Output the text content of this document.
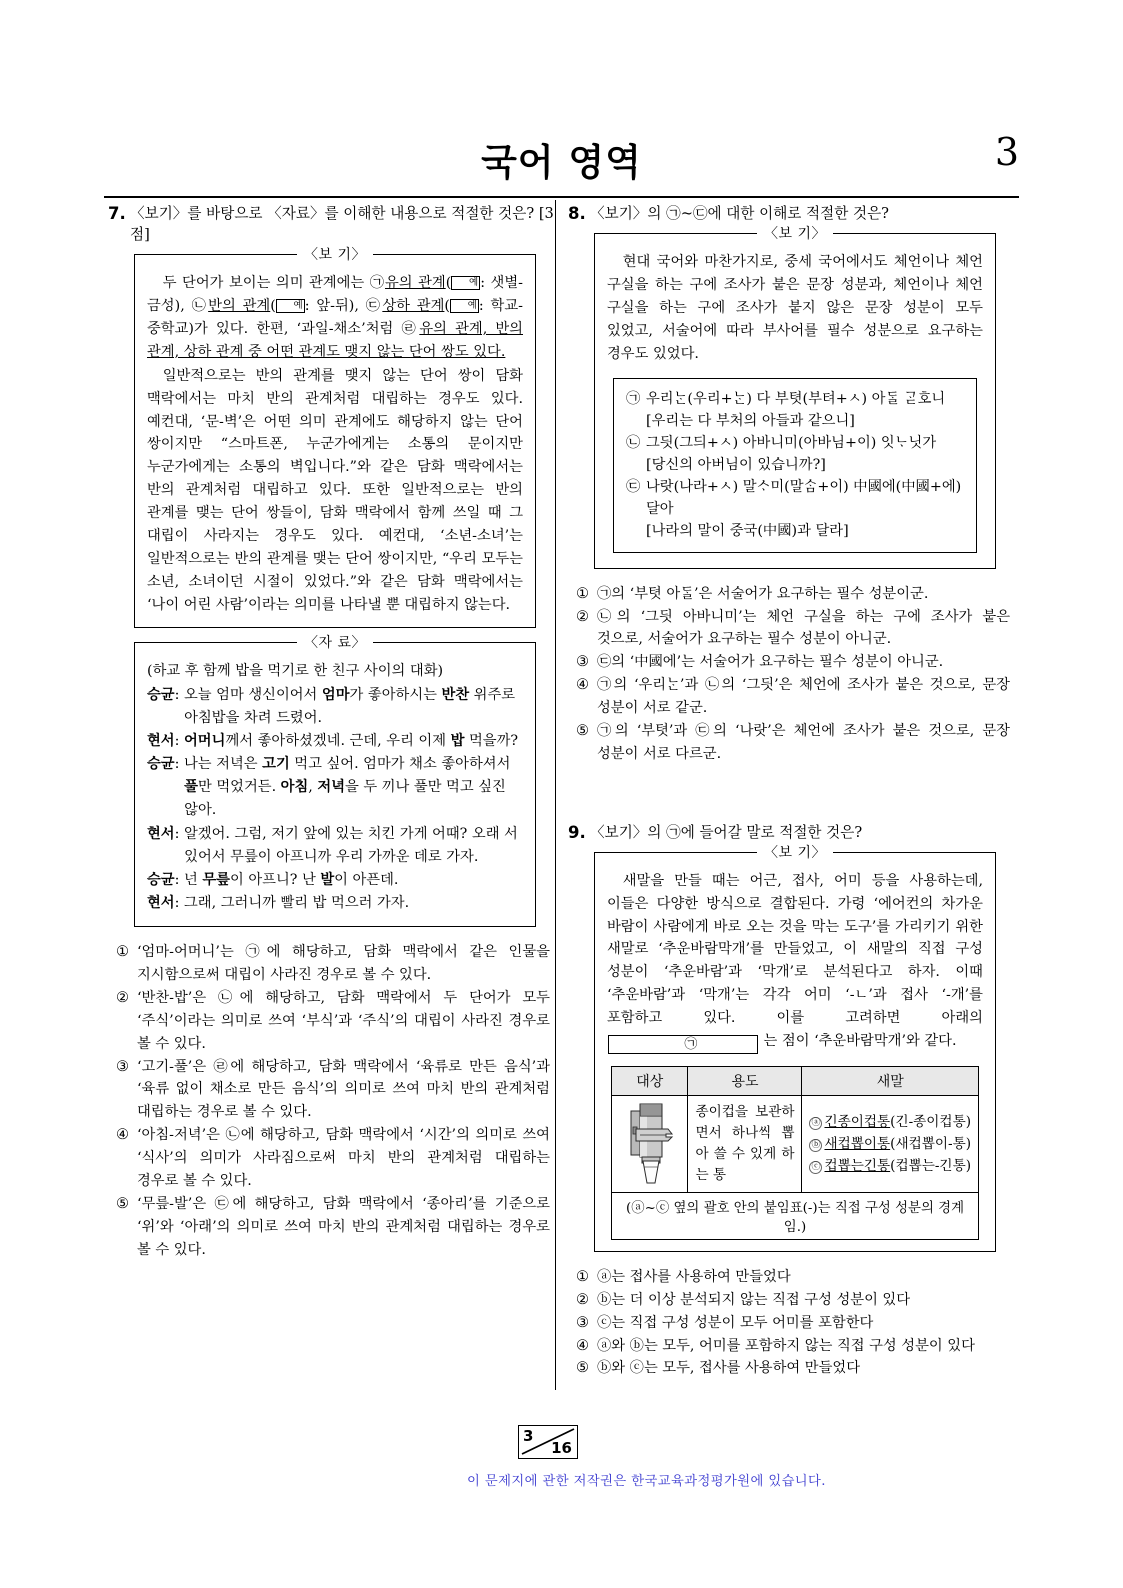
국어 영역	3
7. 〈보기〉를 바탕으로 〈자료〉를 이해한 내용으로 적절한 것은? [3점]

두 단어가 보이는 의미 관계에는 ㉠유의 관계( 예 : 샛별-금성), ㉡반의 관계( 예 : 앞-뒤), ㉢상하 관계( 예 : 학교-중학교)가 있다. 한편, ‘과일-채소’처럼 ㉣유의 관계, 반의 관계, 상하 관계 중 어떤 관계도 맺지 않는 단어 쌍도 있다.

일반적으로는 반의 관계를 맺지 않는 단어 쌍이 담화 맥락에서는 마치 반의 관계처럼 대립하는 경우도 있다. 예컨대, ‘문-벽’은 어떤 의미 관계에도 해당하지 않는 단어 쌍이지만 “스마트폰, 누군가에게는 소통의 문이지만 누군가에게는 소통의 벽입니다.”와 같은 담화 맥락에서는 반의 관계처럼 대립하고 있다. 또한 일반적으로는 반의 관계를 맺는 단어 쌍들이, 담화 맥락에서 함께 쓰일 때 그 대립이 사라지는 경우도 있다. 예컨대, ‘소년-소녀’는 일반적으로는 반의 관계를 맺는 단어 쌍이지만, “우리 모두는 소년, 소녀이던 시절이 있었다.”와 같은 담화 맥락에서는 ‘나이 어린 사람’이라는 의미를 나타낼 뿐 대립하지 않는다.

〈보 기〉

(하교 후 함께 밥을 먹기로 한 친구 사이의 대화)

승균: 오늘 엄마 생신이어서 엄마가 좋아하시는 반찬 위주로 아침밥을 차려 드렸어.

현서: 어머니께서 좋아하셨겠네. 근데, 우리 이제 밥 먹을까?

승균: 나는 저녁은 고기 먹고 싶어. 엄마가 채소 좋아하셔서 풀만 먹었거든. 아침, 저녁을 두 끼나 풀만 먹고 싶진 않아.

현서: 알겠어. 그럼, 저기 앞에 있는 치킨 가게 어때? 오래 서 있어서 무릎이 아프니까 우리 가까운 데로 가자.

승균: 넌 무릎이 아프니? 난 발이 아픈데.

현서: 그래, 그러니까 빨리 밥 먹으러 가자.

〈자 료〉
① ‘엄마-어머니’는 ㉠에 해당하고, 담화 맥락에서 같은 인물을 지시함으로써 대립이 사라진 경우로 볼 수 있다.
② ‘반찬-밥’은 ㉡에 해당하고, 담화 맥락에서 두 단어가 모두 ‘주식’이라는 의미로 쓰여 ‘부식’과 ‘주식’의 대립이 사라진 경우로 볼 수 있다.
③ ‘고기-풀’은 ㉣에 해당하고, 담화 맥락에서 ‘육류로 만든 음식’과 ‘육류 없이 채소로 만든 음식’의 의미로 쓰여 마치 반의 관계처럼 대립하는 경우로 볼 수 있다.
④ ‘아침-저녁’은 ㉡에 해당하고, 담화 맥락에서 ‘시간’의 의미로 쓰여 ‘식사’의 의미가 사라짐으로써 마치 반의 관계처럼 대립하는 경우로 볼 수 있다.
⑤ ‘무릎-발’은 ㉢에 해당하고, 담화 맥락에서 ‘종아리’를 기준으로 ‘위’와 ‘아래’의 의미로 쓰여 마치 반의 관계처럼 대립하는 경우로 볼 수 있다.
8. 〈보기〉의 ㉠~㉢에 대한 이해로 적절한 것은?

현대 국어와 마찬가지로, 중세 국어에서도 체언이나 체언 구실을 하는 구에 조사가 붙은 문장 성분과, 체언이나 체언 구실을 하는 구에 조사가 붙지 않은 문장 성분이 모두 있었고, 서술어에 따라 부사어를 필수 성분으로 요구하는 경우도 있었다.

㉠ 우리ᄂᆞᆫ(우리+ᄂᆞᆫ) 다 부텻(부텨+ㅅ) 아ᄃᆞᆯ ᄀᆞᆮ호니
[우리는 다 부처의 아들과 같으니]
㉡ 그딋(그듸+ㅅ) 아바니미(아바님+이) 잇ᄂᆞ닛가
[당신의 아버님이 있습니까?]
㉢ 나랏(나라+ㅅ) 말ᄉᆞ미(말ᄉᆞᆷ+이) 中國에(中國+에) 달아
[나라의 말이 중국(中國)과 달라]
〈보 기〉
① ㉠의 ‘부텻 아ᄃᆞᆯ’은 서술어가 요구하는 필수 성분이군.
② ㉡의 ‘그딋 아바니미’는 체언 구실을 하는 구에 조사가 붙은 것으로, 서술어가 요구하는 필수 성분이 아니군.
③ ㉢의 ‘中國에’는 서술어가 요구하는 필수 성분이 아니군.
④ ㉠의 ‘우리ᄂᆞᆫ’과 ㉡의 ‘그딋’은 체언에 조사가 붙은 것으로, 문장 성분이 서로 같군.
⑤ ㉠의 ‘부텻’과 ㉢의 ‘나랏’은 체언에 조사가 붙은 것으로, 문장 성분이 서로 다르군.
9. 〈보기〉의 ㉠에 들어갈 말로 적절한 것은?

새말을 만들 때는 어근, 접사, 어미 등을 사용하는데, 이들은 다양한 방식으로 결합된다. 가령 ‘에어컨의 차가운 바람이 사람에게 바로 오는 것을 막는 도구’를 가리키기 위한 새말로 ‘추운바람막개’를 만들었고, 이 새말의 직접 구성 성분이 ‘추운바람’과 ‘막개’로 분석된다고 하자. 이때 ‘추운바람’과 ‘막개’는 각각 어미 ‘-ㄴ’과 접사 ‘-개’를 포함하고 있다. 이를 고려하면 아래의 ㉠	는 점이 ‘추운바람막개’와 같다.

대상	용도	새말

	종이컵을 보관하면서 하나씩 뽑아 쓸 수 있게 하는 통	ⓐ 긴종이컵통(긴-종이컵통)
ⓑ 새컵뽑이통(새컵뽑이-통)
ⓒ 컵뽑는긴통(컵뽑는-긴통)
(ⓐ~ⓒ 옆의 괄호 안의 붙임표(-)는 직접 구성 성분의 경계임.)
〈보 기〉
① ⓐ는 접사를 사용하여 만들었다
② ⓑ는 더 이상 분석되지 않는 직접 구성 성분이 있다
③ ⓒ는 직접 구성 성분이 모두 어미를 포함한다
④ ⓐ와 ⓑ는 모두, 어미를 포함하지 않는 직접 구성 성분이 있다
⑤ ⓑ와 ⓒ는 모두, 접사를 사용하여 만들었다
3
16
이 문제지에 관한 저작권은 한국교육과정평가원에 있습니다.
